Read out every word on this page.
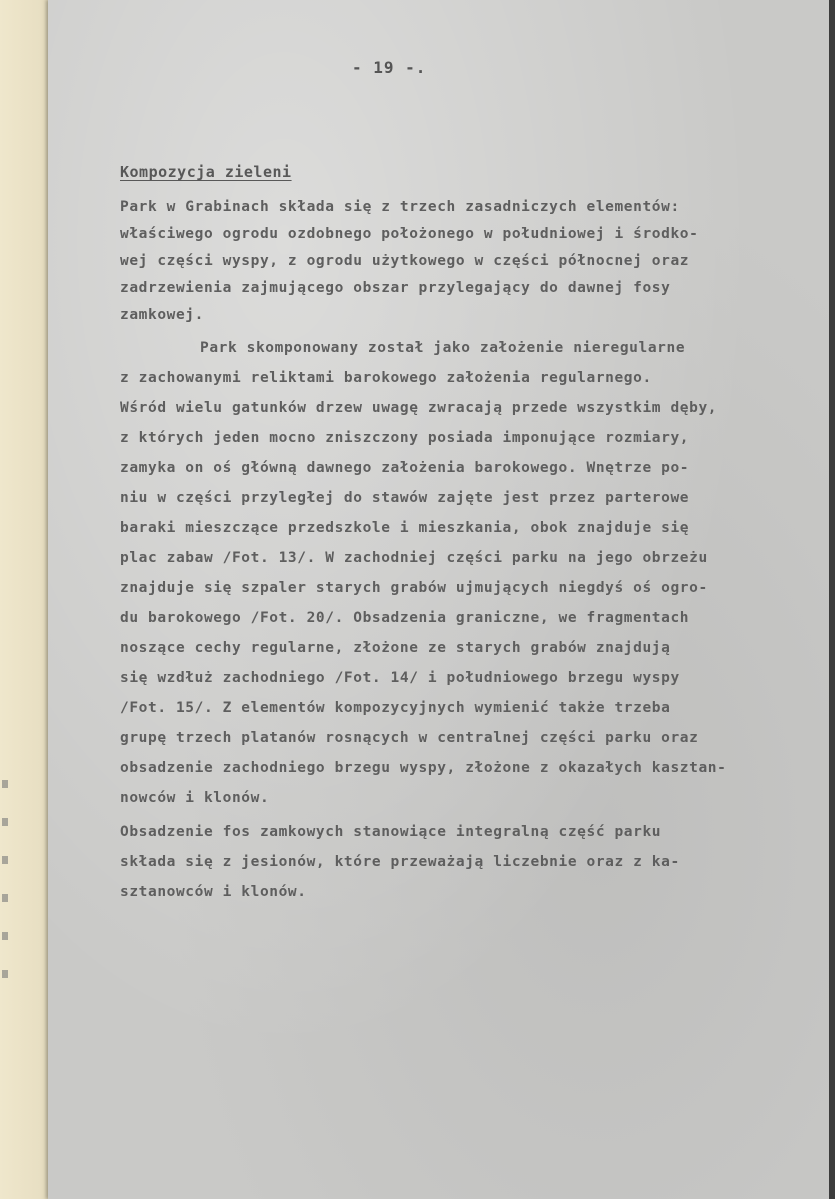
- 19 -.
Kompozycja zieleni
Park w Grabinach składa się z trzech zasadniczych elementów:
właściwego ogrodu ozdobnego położonego w południowej i środko-
wej części wyspy, z ogrodu użytkowego w części północnej oraz
zadrzewienia zajmującego obszar przylegający do dawnej fosy
zamkowej.
Park skomponowany został jako założenie nieregularne
z zachowanymi reliktami barokowego założenia regularnego.
Wśród wielu gatunków drzew uwagę zwracają przede wszystkim dęby,
z których jeden mocno zniszczony posiada imponujące rozmiary,
zamyka on oś główną dawnego założenia barokowego. Wnętrze po-
niu w części przyległej do stawów zajęte jest przez parterowe
baraki mieszczące przedszkole i mieszkania, obok znajduje się
plac zabaw /Fot. 13/. W zachodniej części parku na jego obrzeżu
znajduje się szpaler starych grabów ujmujących niegdyś oś ogro-
du barokowego /Fot. 20/. Obsadzenia graniczne, we fragmentach
noszące cechy regularne, złożone ze starych grabów znajdują
się wzdłuż zachodniego /Fot. 14/ i południowego brzegu wyspy
/Fot. 15/. Z elementów kompozycyjnych wymienić także trzeba
grupę trzech platanów rosnących w centralnej części parku oraz
obsadzenie zachodniego brzegu wyspy, złożone z okazałych kasztan-
nowców i klonów.
Obsadzenie fos zamkowych stanowiące integralną część parku
składa się z jesionów, które przeważają liczebnie oraz z ka-
sztanowców i klonów.
